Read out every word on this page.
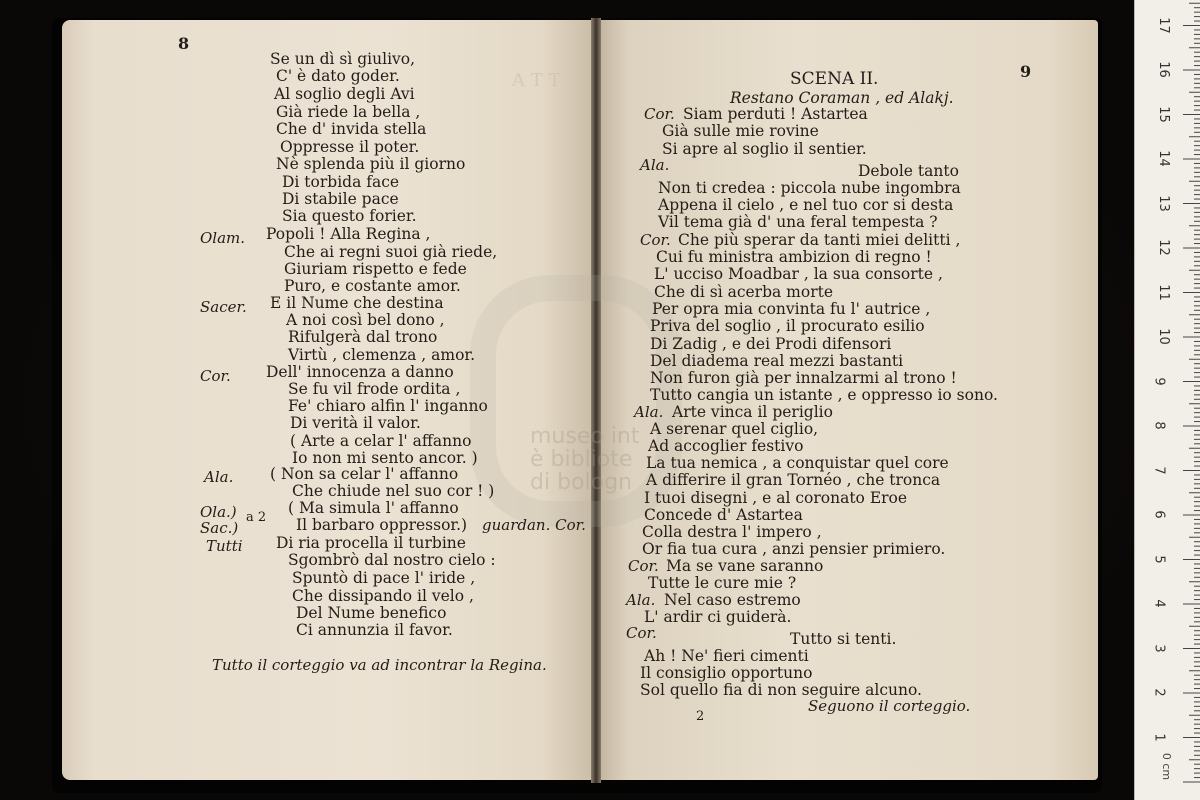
A T T
museo int
è bibliote
di bologn
8
Se un dì sì giulivo,
C' è dato goder.
Al soglio degli Avi
Già riede la bella ,
Che d' invida stella
Oppresse il poter.
Nè splenda più il giorno
Di torbida face
Di stabile pace
Sia questo forier.
Olam. Popoli ! Alla Regina ,
Che ai regni suoi già riede,
Giuriam rispetto e fede
Puro, e costante amor.
Sacer. E il Nume che destina
A noi così bel dono ,
Rifulgerà dal trono
Virtù , clemenza , amor.
Cor. Dell' innocenza a danno
Se fu vil frode ordita ,
Fe' chiaro alfin l' inganno
Di verità il valor.
( Arte a celar l' affanno
Io non mi sento ancor. )
Ala. ( Non sa celar l' affanno
Che chiude nel suo cor ! )
Ola.) a 2
Sac.)
( Ma simula l' affanno
Il barbaro oppressor.) guardan. Cor.
Tutti Di ria procella il turbine
Sgombrò dal nostro cielo :
Spuntò di pace l' iride ,
Che dissipando il velo ,
Del Nume benefico
Ci annunzia il favor.
Tutto il corteggio va ad incontrar la Regina.
9
SCENA II.
Restano Coraman , ed Alakj.
Cor. Siam perduti ! Astartea
Già sulle mie rovine
Si apre al soglio il sentier.
Ala.	Debole tanto
Non ti credea : piccola nube ingombra
Appena il cielo , e nel tuo cor si desta
Vil tema già d' una feral tempesta ?
Cor. Che più sperar da tanti miei delitti ,
Cui fu ministra ambizion di regno !
L' ucciso Moadbar , la sua consorte ,
Che di sì acerba morte
Per opra mia convinta fu l' autrice ,
Priva del soglio , il procurato esilio
Di Zadig , e dei Prodi difensori
Del diadema real mezzi bastanti
Non furon già per innalzarmi al trono !
Tutto cangia un istante , e oppresso io sono.
Ala. Arte vinca il periglio
A serenar quel ciglio,
Ad accoglier festivo
La tua nemica , a conquistar quel core
A differire il gran Tornéo , che tronca
I tuoi disegni , e al coronato Eroe
Concede d' Astartea
Colla destra l' impero ,
Or fia tua cura , anzi pensier primiero.
Cor. Ma se vane saranno
Tutte le cure mie ?
Ala. Nel caso estremo
L' ardir ci guiderà.
Cor.	Tutto si tenti.
Ah ! Ne' fieri cimenti
Il consiglio opportuno
Sol quello fia di non seguire alcuno.
Seguono il corteggio.
2
0 cm
1
2
3
4
5
6
7
8
9
10
11
12
13
14
15
16
17
